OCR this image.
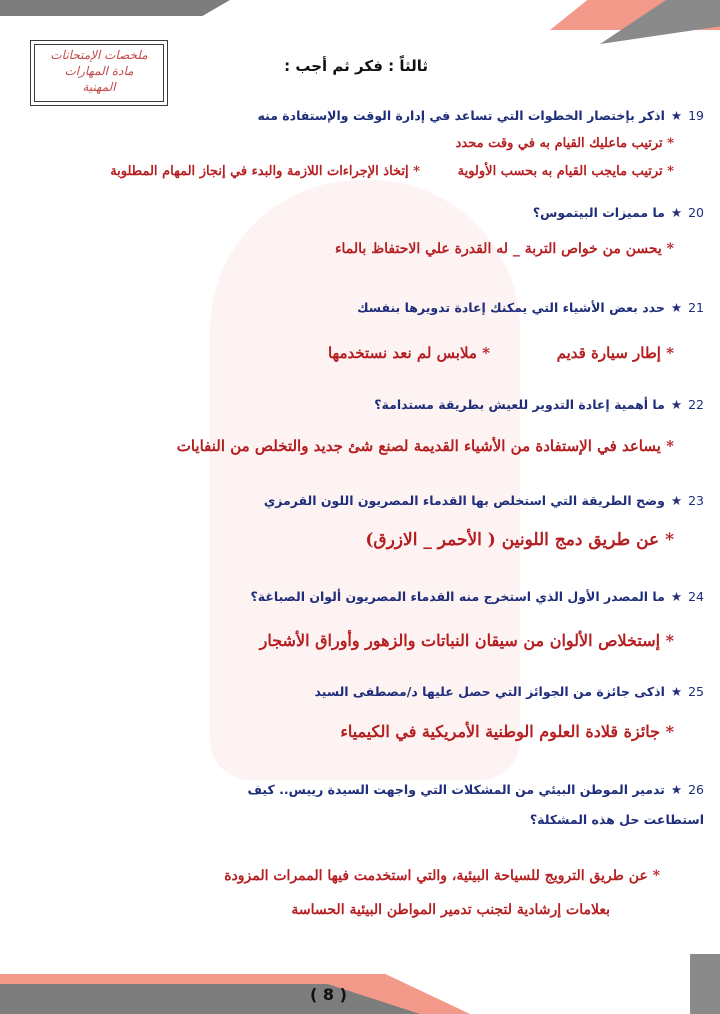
ملخصات الإمتحانات
مادة المهارات
المهنية
ثالثاً : فكر ثم أجب :
19★اذكر بإختصار الخطوات التي تساعد في إدارة الوقت والإستفادة منه
* ترتيب ماعليك القيام به في وقت محدد
* ترتيب مايجب القيام به بحسب الأولوية
* إتخاذ الإجراءات اللازمة والبدء في إنجاز المهام المطلوبة
20★ما مميزات البيتموس؟
* يحسن من خواص التربة _ له القدرة علي الاحتفاظ بالماء
21★حدد بعض الأشياء التي يمكنك إعادة تدويرها بنفسك
* إطار سيارة قديم
* ملابس لم نعد نستخدمها
22★ما أهمية إعادة التدوير للعيش بطريقة مستدامة؟
* يساعد في الإستفادة من الأشياء القديمة لصنع شئ جديد والتخلص من النفايات
23★وضح الطريقة التي استخلص بها القدماء المصريون اللون القرمزي
* عن طريق دمج اللونين ( الأحمر _ الازرق)
24★ما المصدر الأول الذي استخرج منه القدماء المصريون ألوان الصباغة؟
* إستخلاص الألوان من سيقان النباتات والزهور وأوراق الأشجار
25★اذكى جائزة من الجوائز التي حصل عليها د/مصطفى السيد
* جائزة قلادة العلوم الوطنية الأمريكية في الكيمياء
26★تدمير الموطن البيئي من المشكلات التي واجهت السيدة رييس.. كيف
استطاعت حل هذه المشكلة؟
* عن طريق الترويج للسياحة البيئية، والتي استخدمت فيها الممرات المزودة
بعلامات إرشادية لتجنب تدمير المواطن البيئية الحساسة
( 8 )
